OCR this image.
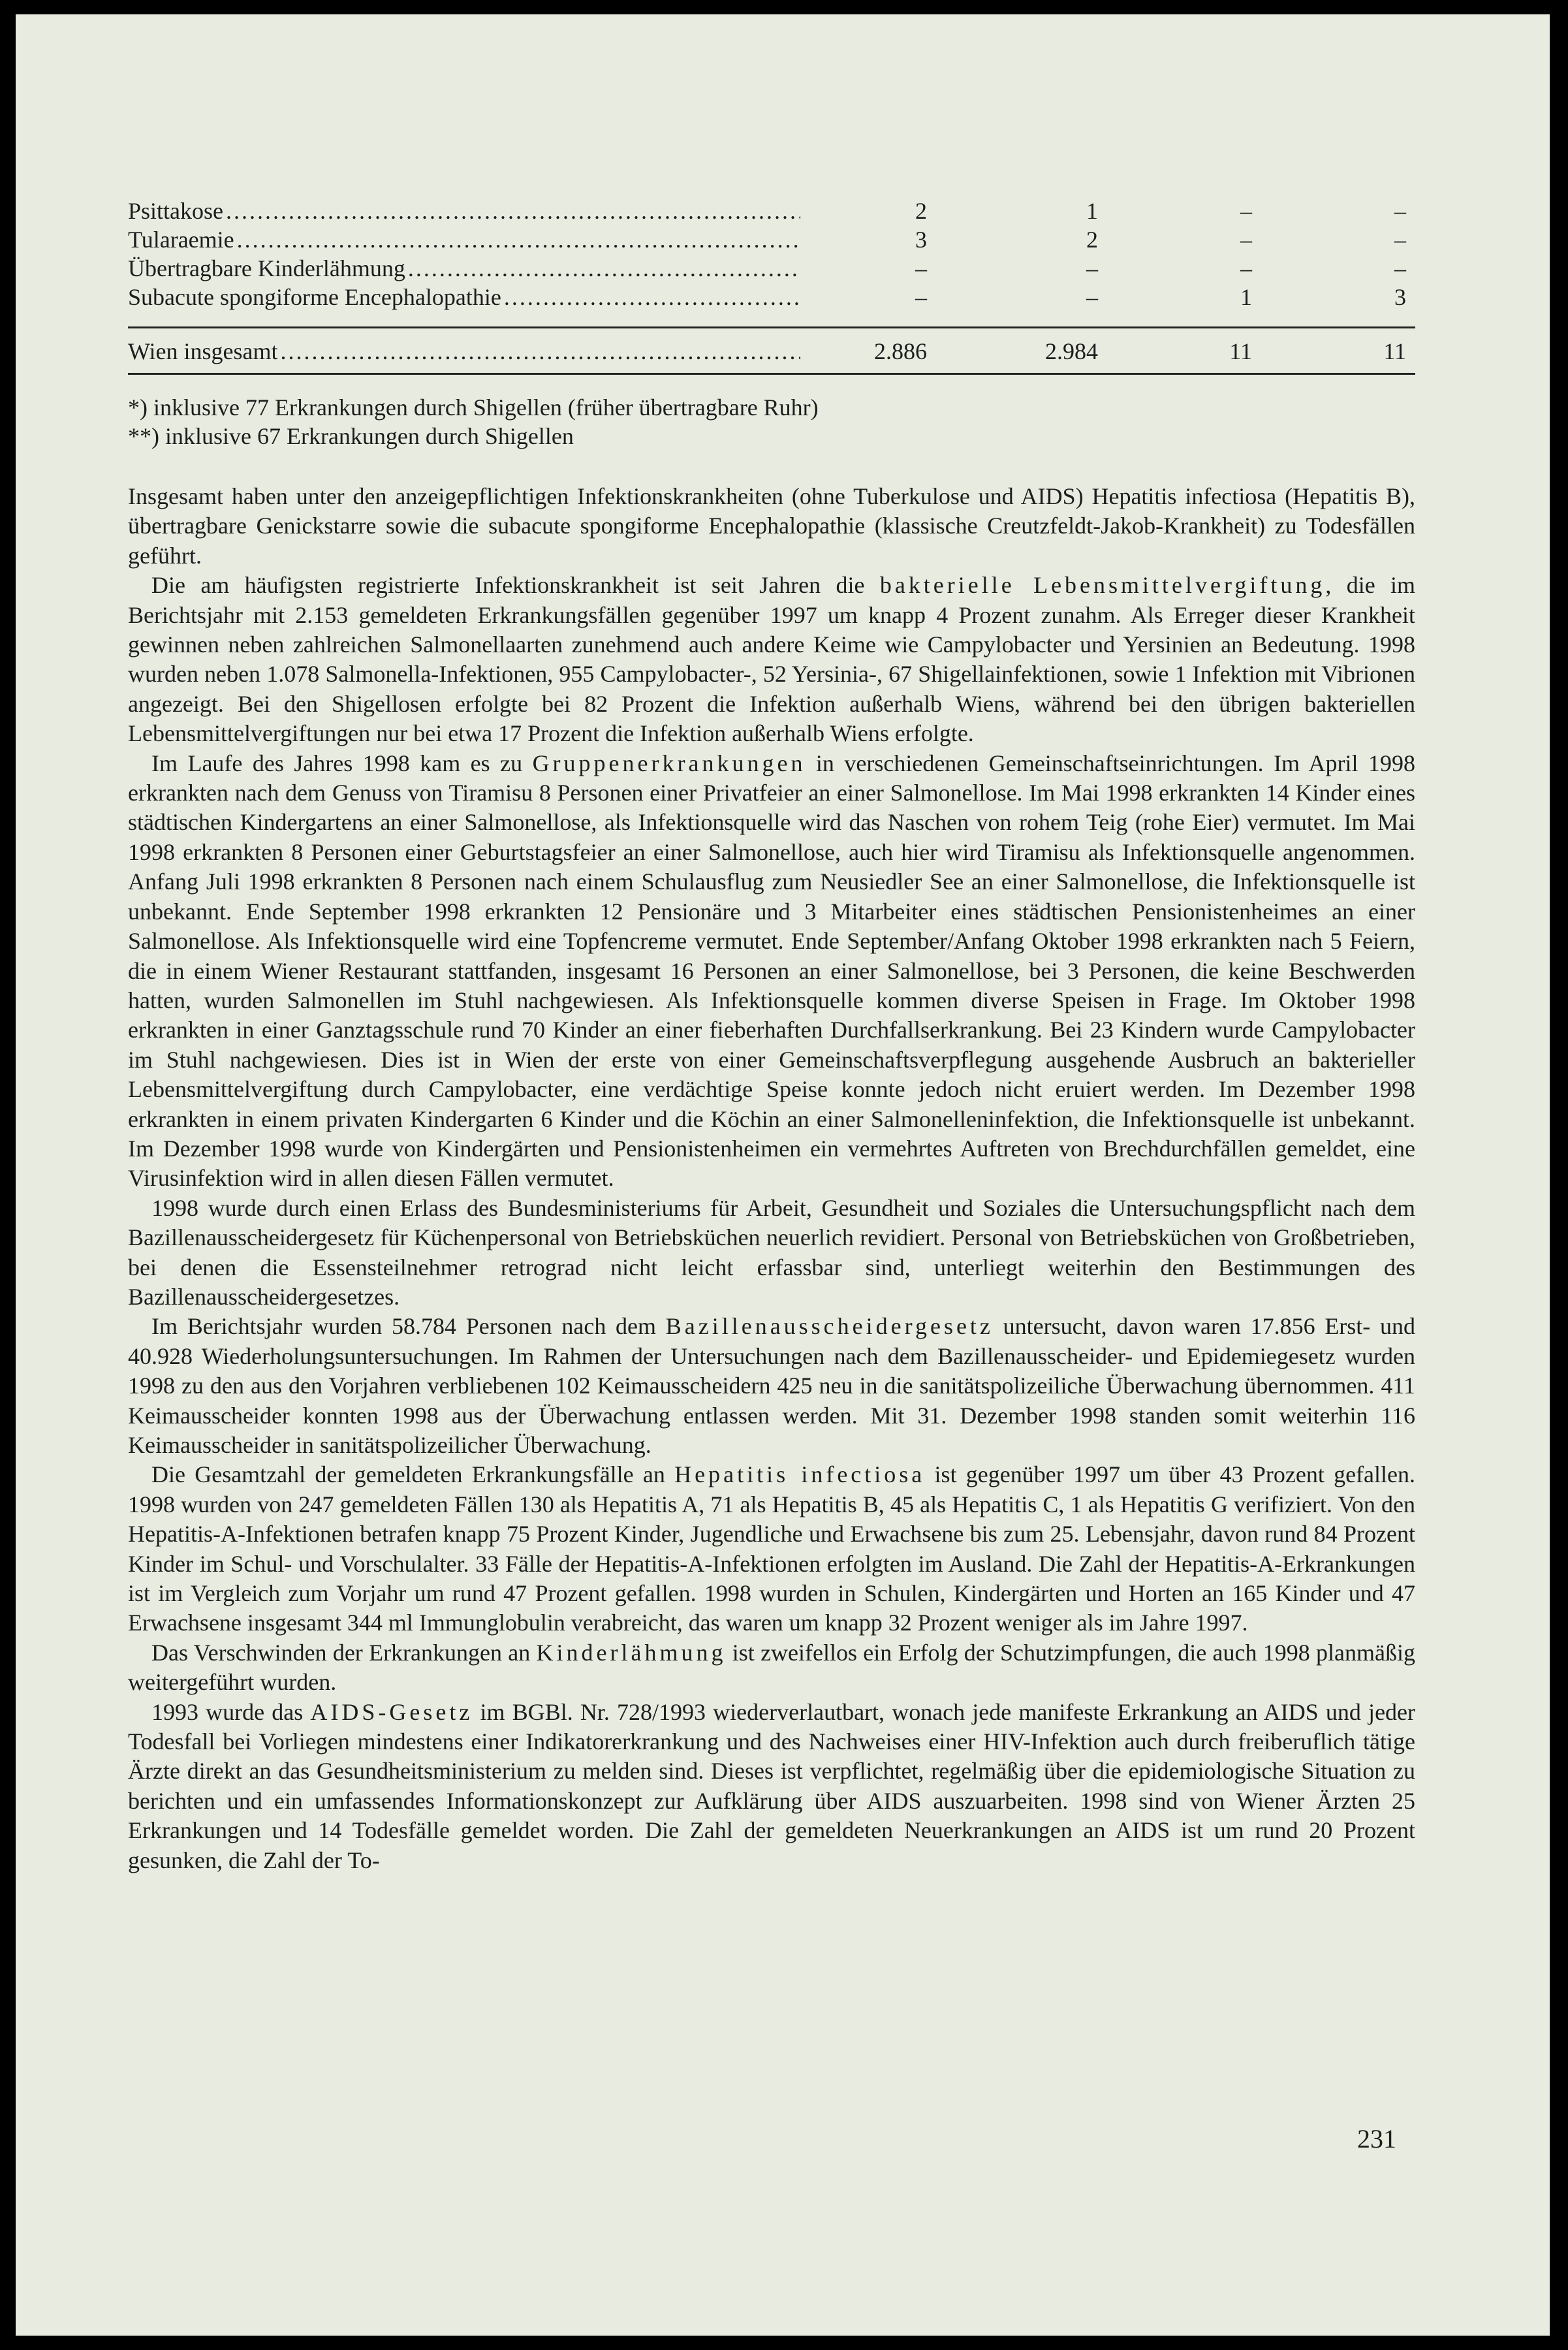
Psittakose .....	2	1	–	–
Tularaemie .....	3	2	–	–
Übertragbare Kinderlähmung .....	–	–	–	–
Subacute spongiforme Encephalopathie .....	–	–	1	3
Wien insgesamt .....	2.886	2.984	11	11
*) inklusive 77 Erkrankungen durch Shigellen (früher übertragbare Ruhr)
**) inklusive 67 Erkrankungen durch Shigellen

Insgesamt haben unter den anzeigepflichtigen Infektionskrankheiten (ohne Tuberkulose und AIDS) Hepatitis infectiosa (Hepatitis B), übertragbare Genickstarre sowie die subacute spongiforme Encephalopathie (klassische Creutzfeldt-Jakob-Krankheit) zu Todesfällen geführt.

Die am häufigsten registrierte Infektionskrankheit ist seit Jahren die bakterielle Lebensmittelvergiftung, die im Berichtsjahr mit 2.153 gemeldeten Erkrankungsfällen gegenüber 1997 um knapp 4 Prozent zunahm. Als Erreger dieser Krankheit gewinnen neben zahlreichen Salmonellaarten zunehmend auch andere Keime wie Campylobacter und Yersinien an Bedeutung. 1998 wurden neben 1.078 Salmonella-Infektionen, 955 Campylobacter-, 52 Yersinia-, 67 Shigellainfektionen, sowie 1 Infektion mit Vibrionen angezeigt. Bei den Shigellosen erfolgte bei 82 Prozent die Infektion außerhalb Wiens, während bei den übrigen bakteriellen Lebensmittelvergiftungen nur bei etwa 17 Prozent die Infektion außerhalb Wiens erfolgte.

Im Laufe des Jahres 1998 kam es zu Gruppenerkrankungen in verschiedenen Gemeinschaftseinrichtungen. Im April 1998 erkrankten nach dem Genuss von Tiramisu 8 Personen einer Privatfeier an einer Salmonellose. Im Mai 1998 erkrankten 14 Kinder eines städtischen Kindergartens an einer Salmonellose, als Infektionsquelle wird das Naschen von rohem Teig (rohe Eier) vermutet. Im Mai 1998 erkrankten 8 Personen einer Geburtstagsfeier an einer Salmonellose, auch hier wird Tiramisu als Infektionsquelle angenommen. Anfang Juli 1998 erkrankten 8 Personen nach einem Schulausflug zum Neusiedler See an einer Salmonellose, die Infektionsquelle ist unbekannt. Ende September 1998 erkrankten 12 Pensionäre und 3 Mitarbeiter eines städtischen Pensionistenheimes an einer Salmonellose. Als Infektionsquelle wird eine Topfencreme vermutet. Ende September/Anfang Oktober 1998 erkrankten nach 5 Feiern, die in einem Wiener Restaurant stattfanden, insgesamt 16 Personen an einer Salmonellose, bei 3 Personen, die keine Beschwerden hatten, wurden Salmonellen im Stuhl nachgewiesen. Als Infektionsquelle kommen diverse Speisen in Frage. Im Oktober 1998 erkrankten in einer Ganztagsschule rund 70 Kinder an einer fieberhaften Durchfallserkrankung. Bei 23 Kindern wurde Campylobacter im Stuhl nachgewiesen. Dies ist in Wien der erste von einer Gemeinschaftsverpflegung ausgehende Ausbruch an bakterieller Lebensmittelvergiftung durch Campylobacter, eine verdächtige Speise konnte jedoch nicht eruiert werden. Im Dezember 1998 erkrankten in einem privaten Kindergarten 6 Kinder und die Köchin an einer Salmonelleninfektion, die Infektionsquelle ist unbekannt. Im Dezember 1998 wurde von Kindergärten und Pensionistenheimen ein vermehrtes Auftreten von Brechdurchfällen gemeldet, eine Virusinfektion wird in allen diesen Fällen vermutet.

1998 wurde durch einen Erlass des Bundesministeriums für Arbeit, Gesundheit und Soziales die Untersuchungspflicht nach dem Bazillenausscheidergesetz für Küchenpersonal von Betriebsküchen neuerlich revidiert. Personal von Betriebsküchen von Großbetrieben, bei denen die Essensteilnehmer retrograd nicht leicht erfassbar sind, unterliegt weiterhin den Bestimmungen des Bazillenausscheidergesetzes.

Im Berichtsjahr wurden 58.784 Personen nach dem Bazillenausscheidergesetz untersucht, davon waren 17.856 Erst- und 40.928 Wiederholungsuntersuchungen. Im Rahmen der Untersuchungen nach dem Bazillenausscheider- und Epidemiegesetz wurden 1998 zu den aus den Vorjahren verbliebenen 102 Keimausscheidern 425 neu in die sanitätspolizeiliche Überwachung übernommen. 411 Keimausscheider konnten 1998 aus der Überwachung entlassen werden. Mit 31. Dezember 1998 standen somit weiterhin 116 Keimausscheider in sanitätspolizeilicher Überwachung.

Die Gesamtzahl der gemeldeten Erkrankungsfälle an Hepatitis infectiosa ist gegenüber 1997 um über 43 Prozent gefallen. 1998 wurden von 247 gemeldeten Fällen 130 als Hepatitis A, 71 als Hepatitis B, 45 als Hepatitis C, 1 als Hepatitis G verifiziert. Von den Hepatitis-A-Infektionen betrafen knapp 75 Prozent Kinder, Jugendliche und Erwachsene bis zum 25. Lebensjahr, davon rund 84 Prozent Kinder im Schul- und Vorschulalter. 33 Fälle der Hepatitis-A-Infektionen erfolgten im Ausland. Die Zahl der Hepatitis-A-Erkrankungen ist im Vergleich zum Vorjahr um rund 47 Prozent gefallen. 1998 wurden in Schulen, Kindergärten und Horten an 165 Kinder und 47 Erwachsene insgesamt 344 ml Immunglobulin verabreicht, das waren um knapp 32 Prozent weniger als im Jahre 1997.

Das Verschwinden der Erkrankungen an Kinderlähmung ist zweifellos ein Erfolg der Schutzimpfungen, die auch 1998 planmäßig weitergeführt wurden.

1993 wurde das AIDS-Gesetz im BGBl. Nr. 728/1993 wiederverlautbart, wonach jede manifeste Erkrankung an AIDS und jeder Todesfall bei Vorliegen mindestens einer Indikatorerkrankung und des Nachweises einer HIV-Infektion auch durch freiberuflich tätige Ärzte direkt an das Gesundheitsministerium zu melden sind. Dieses ist verpflichtet, regelmäßig über die epidemiologische Situation zu berichten und ein umfassendes Informationskonzept zur Aufklärung über AIDS auszuarbeiten. 1998 sind von Wiener Ärzten 25 Erkrankungen und 14 Todesfälle gemeldet worden. Die Zahl der gemeldeten Neuerkrankungen an AIDS ist um rund 20 Prozent gesunken, die Zahl der To-

231
